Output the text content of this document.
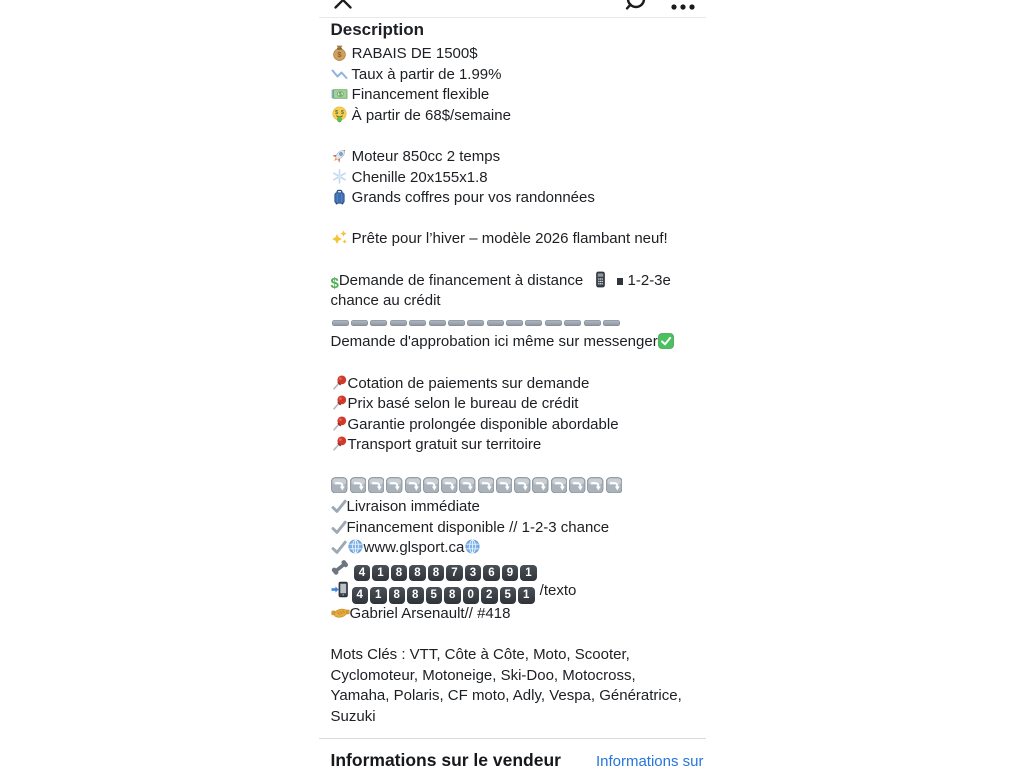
Description
$ RABAIS DE 1500$
Taux à partir de 1.99%
$ Financement flexible
$ $ À partir de 68$/semaine
Moteur 850cc 2 temps
Chenille 20x155x1.8
Grands coffres pour vos randonnées
Prête pour l’hiver – modèle 2026 flambant neuf!
$Demande de financement à distance
1-2-3e chance au crédit
Demande d'approbation ici même sur messenger
Cotation de paiements sur demande
Prix basé selon le bureau de crédit
Garantie prolongée disponible abordable
Transport gratuit sur territoire
Livraison immédiate
Financement disponible // 1-2-3 chance
www.glsport.ca
4 1 8 8 8 7 3 6 9 1
4 1 8 8 5 8 0 2 5 1 /texto
Gabriel Arsenault// #418
Mots Clés : VTT, Côte à Côte, Moto, Scooter, Cyclomoteur, Motoneige, Ski-Doo, Motocross, Yamaha, Polaris, CF moto, Adly, Vespa, Génératrice, Suzuki
Informations sur le vendeur Informations sur
